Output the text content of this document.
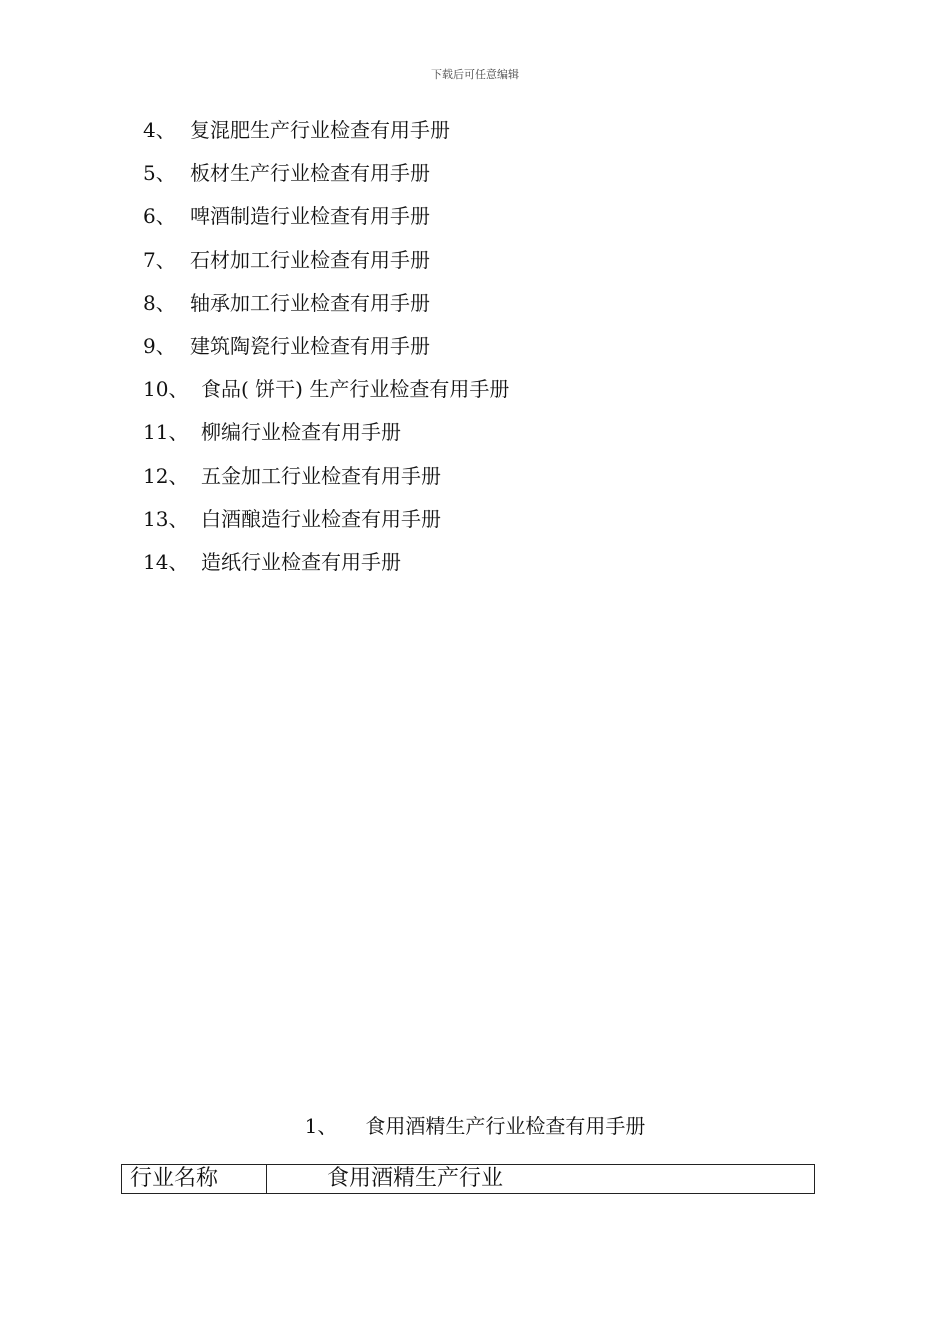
下载后可任意编辑
4、 复混肥生产行业检查有用手册
5、 板材生产行业检查有用手册
6、 啤酒制造行业检查有用手册
7、 石材加工行业检查有用手册
8、 轴承加工行业检查有用手册
9、 建筑陶瓷行业检查有用手册
10、 食品( 饼干) 生产行业检查有用手册
11、 柳编行业检查有用手册
12、 五金加工行业检查有用手册
13、 白酒酿造行业检查有用手册
14、 造纸行业检查有用手册
1、 食用酒精生产行业检查有用手册
行业名称	食用酒精生产行业
